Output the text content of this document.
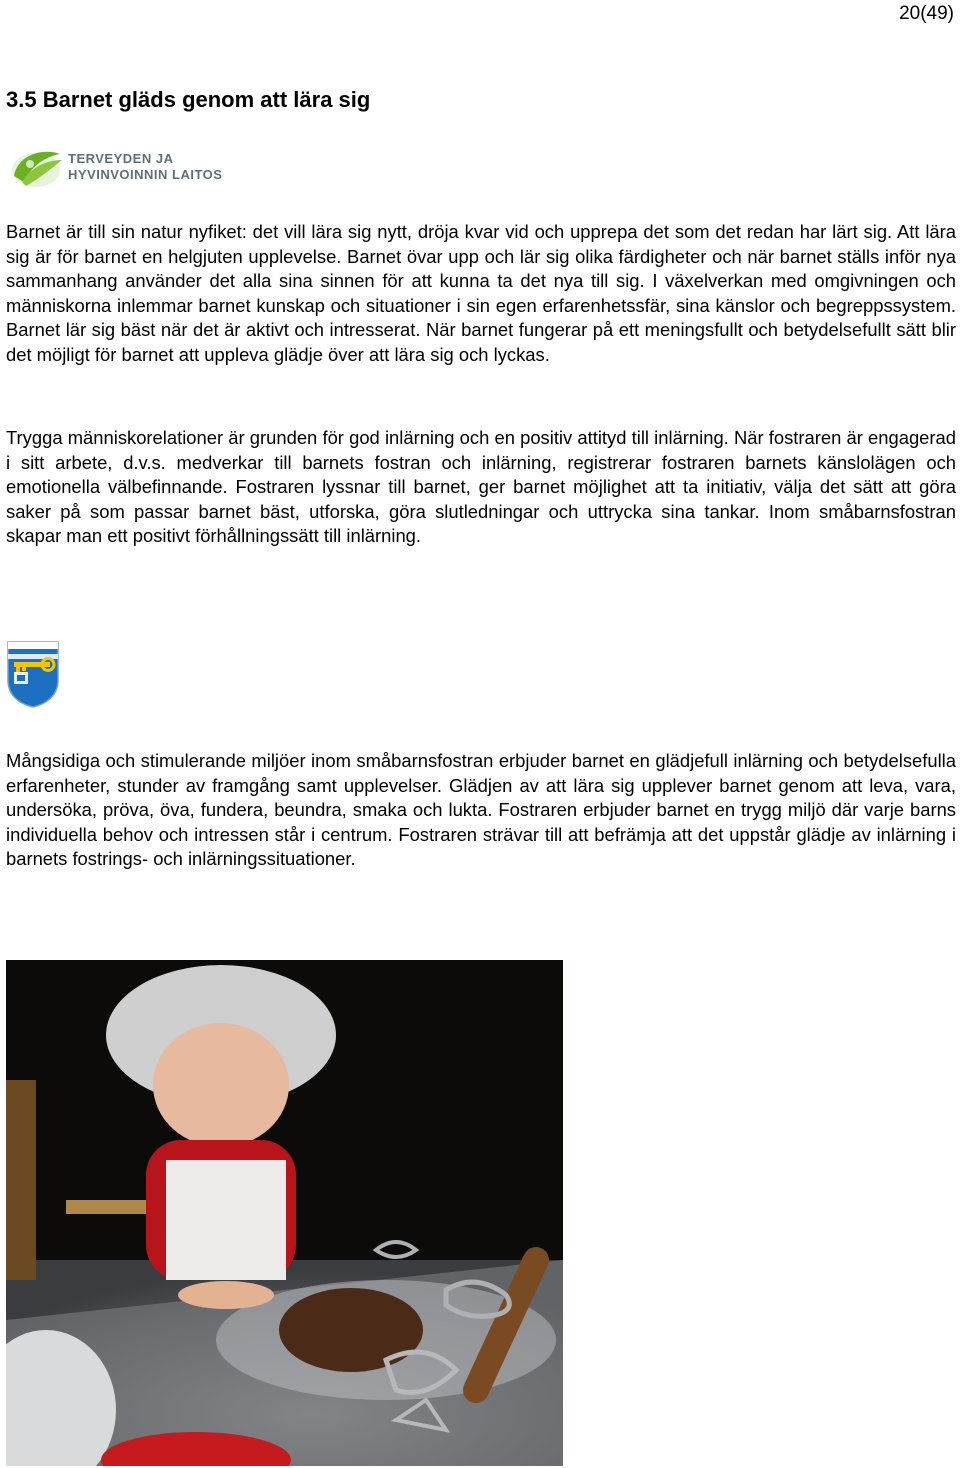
20(49)
3.5 Barnet gläds genom att lära sig
TERVEYDEN JA
HYVINVOINNIN LAITOS

Barnet är till sin natur nyfiket: det vill lära sig nytt, dröja kvar vid och upprepa det som det redan har lärt sig. Att lära sig är för barnet en helgjuten upplevelse. Barnet övar upp och lär sig olika färdigheter och när barnet ställs inför nya sammanhang använder det alla sina sinnen för att kunna ta det nya till sig. I växelverkan med omgivningen och människorna inlemmar barnet kunskap och situationer i sin egen erfarenhetssfär, sina känslor och begreppssystem. Barnet lär sig bäst när det är aktivt och intresserat. När barnet fungerar på ett meningsfullt och betydelsefullt sätt blir det möjligt för barnet att uppleva glädje över att lära sig och lyckas.

Trygga människorelationer är grunden för god inlärning och en positiv attityd till inlärning. När fostraren är engagerad i sitt arbete, d.v.s. medverkar till barnets fostran och inlärning, registrerar fostraren barnets känslolägen och emotionella välbefinnande. Fostraren lyssnar till barnet, ger barnet möjlighet att ta initiativ, välja det sätt att göra saker på som passar barnet bäst, utforska, göra slutledningar och uttrycka sina tankar. Inom småbarnsfostran skapar man ett positivt förhållningssätt till inlärning.

Mångsidiga och stimulerande miljöer inom småbarnsfostran erbjuder barnet en glädjefull inlärning och betydelsefulla erfarenheter, stunder av framgång samt upplevelser. Glädjen av att lära sig upplever barnet genom att leva, vara, undersöka, pröva, öva, fundera, beundra, smaka och lukta. Fostraren erbjuder barnet en trygg miljö där varje barns individuella behov och intressen står i centrum. Fostraren strävar till att befrämja att det uppstår glädje av inlärning i barnets fostrings- och inlärningssituationer.
